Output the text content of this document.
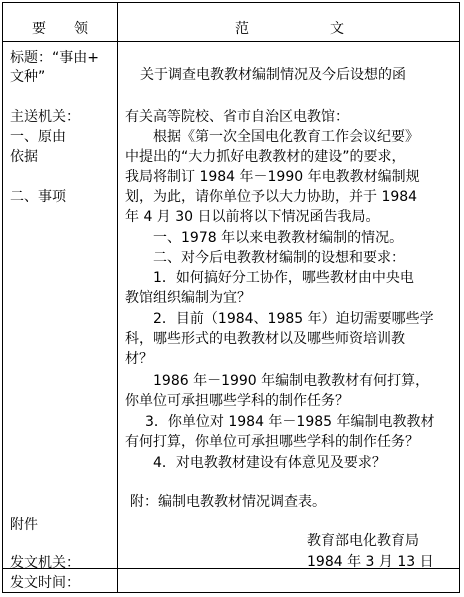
要 领	范	文
标题：“事由+
文种”
主送机关：
一、原由
依据
二、事项
附件
发文机关：
发文时间：
关于调查电教教材编制情况及今后设想的函
有关高等院校、省市自治区电教馆：
根据《第一次全国电化教育工作会议纪要》
中提出的“大力抓好电教教材的建设”的要求，
我局将制订 1984 年－1990 年电教教材编制规
划，为此，请你单位予以大力协助，并于 1984
年 4 月 30 日以前将以下情况函告我局。
一、1978 年以来电教教材编制的情况。
二、对今后电教教材编制的设想和要求：
1．如何搞好分工协作，哪些教材由中央电
教馆组织编制为宜？
2．目前（1984、1985 年）迫切需要哪些学
科，哪些形式的电教教材以及哪些师资培训教
材？
1986 年－1990 年编制电教教材有何打算，
你单位可承担哪些学科的制作任务？
3．你单位对 1984 年－1985 年编制电教教材
有何打算，你单位可承担哪些学科的制作任务？
4．对电教教材建设有体意见及要求？
附：编制电教教材情况调查表。
教育部电化教育局
1984 年 3 月 13 日
